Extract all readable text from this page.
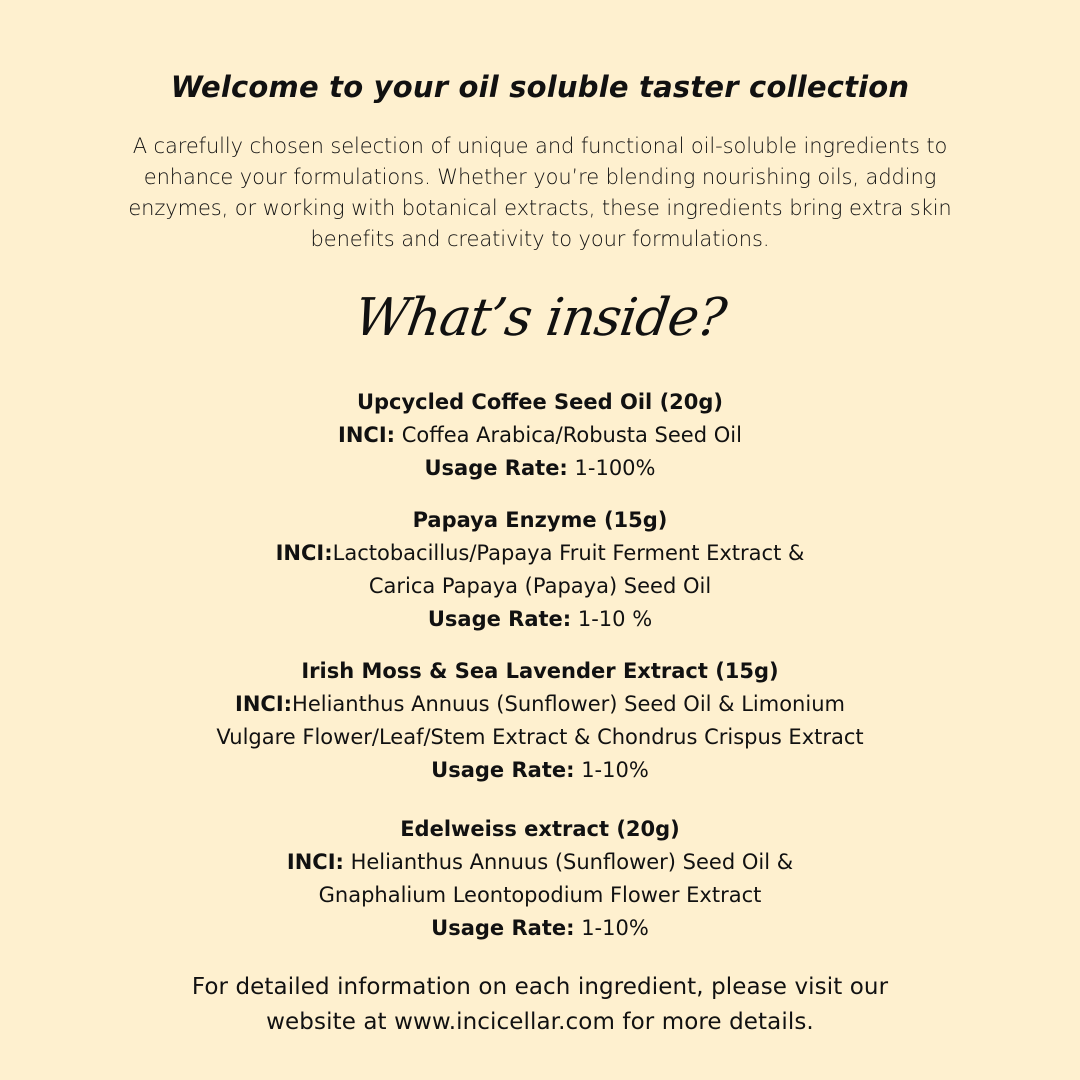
Welcome to your oil soluble taster collection
A carefully chosen selection of unique and functional oil-soluble ingredients to
enhance your formulations. Whether you’re blending nourishing oils, adding
enzymes, or working with botanical extracts, these ingredients bring extra skin
benefits and creativity to your formulations.
What’s inside?
Upcycled Coffee Seed Oil (20g)
INCI: Coffea Arabica/Robusta Seed Oil
Usage Rate: 1-100%
Papaya Enzyme (15g)
INCI:Lactobacillus/Papaya Fruit Ferment Extract &
Carica Papaya (Papaya) Seed Oil
Usage Rate: 1-10 %
Irish Moss & Sea Lavender Extract (15g)
INCI:Helianthus Annuus (Sunflower) Seed Oil & Limonium
Vulgare Flower/Leaf/Stem Extract & Chondrus Crispus Extract
Usage Rate: 1-10%
Edelweiss extract (20g)
INCI: Helianthus Annuus (Sunflower) Seed Oil &
Gnaphalium Leontopodium Flower Extract
Usage Rate: 1-10%
For detailed information on each ingredient, please visit our
website at www.incicellar.com for more details.
